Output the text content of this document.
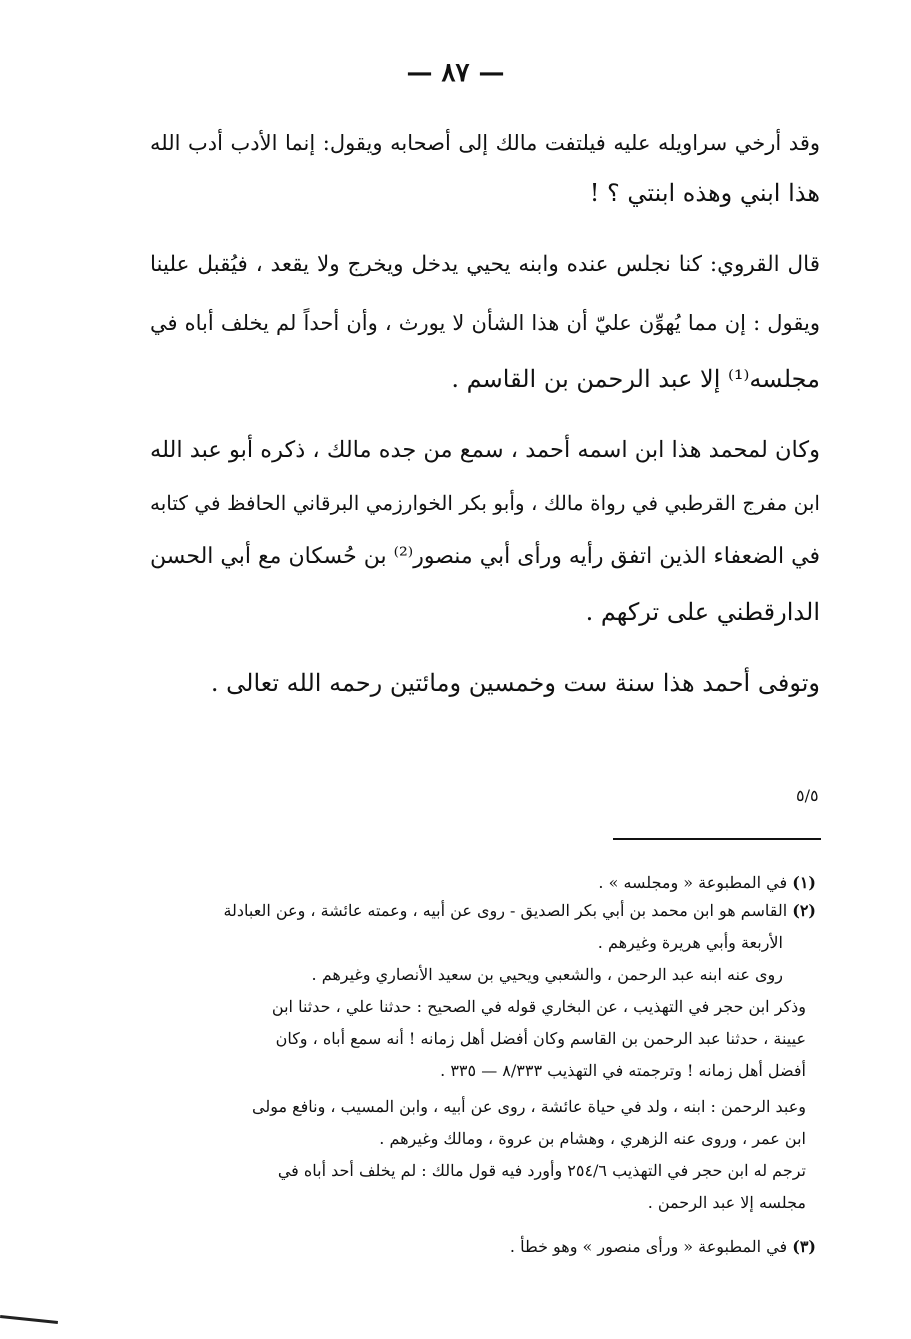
— ٨٧ —

وقد أرخي سراويله عليه فيلتفت مالك إلى أصحابه ويقول: إنما الأدب أدب الله

هذا ابني وهذه ابنتي ؟ !

قال القروي: كنا نجلس عنده وابنه يحيي يدخل ويخرج ولا يقعد ، فيُقبل علينا

ويقول : إن مما يُهوِّن عليّ أن هذا الشأن لا يورث ، وأن أحداً لم يخلف أباه في

مجلسه⁽¹⁾ إلا عبد الرحمن بن القاسم .

وكان لمحمد هذا ابن اسمه أحمد ، سمع من جده مالك ، ذكره أبو عبد الله

ابن مفرج القرطبي في رواة مالك ، وأبو بكر الخوارزمي البرقاني الحافظ في كتابه

في الضعفاء الذين اتفق رأيه ورأى أبي منصور⁽²⁾ بن حُسكان مع أبي الحسن

الدارقطني على تركهم .

وتوفى أحمد هذا سنة ست وخمسين ومائتين رحمه الله تعالى .

٥/٥

(١) في المطبوعة « ومجلسه » .

(٢) القاسم هو ابن محمد بن أبي بكر الصديق - روى عن أبيه ، وعمته عائشة ، وعن العبادلة

الأربعة وأبي هريرة وغيرهم .

روى عنه ابنه عبد الرحمن ، والشعبي ويحيي بن سعيد الأنصاري وغيرهم .

وذكر ابن حجر في التهذيب ، عن البخاري قوله في الصحيح : حدثنا علي ، حدثنا ابن

عيينة ، حدثنا عبد الرحمن بن القاسم وكان أفضل أهل زمانه ! أنه سمع أباه ، وكان

أفضل أهل زمانه ! وترجمته في التهذيب ٨/٣٣٣ — ٣٣٥ .

وعبد الرحمن : ابنه ، ولد في حياة عائشة ، روى عن أبيه ، وابن المسيب ، ونافع مولى

ابن عمر ، وروى عنه الزهري ، وهشام بن عروة ، ومالك وغيرهم .

ترجم له ابن حجر في التهذيب ٢٥٤/٦ وأورد فيه قول مالك : لم يخلف أحد أباه في

مجلسه إلا عبد الرحمن .

(٣) في المطبوعة « ورأى منصور » وهو خطأ .
